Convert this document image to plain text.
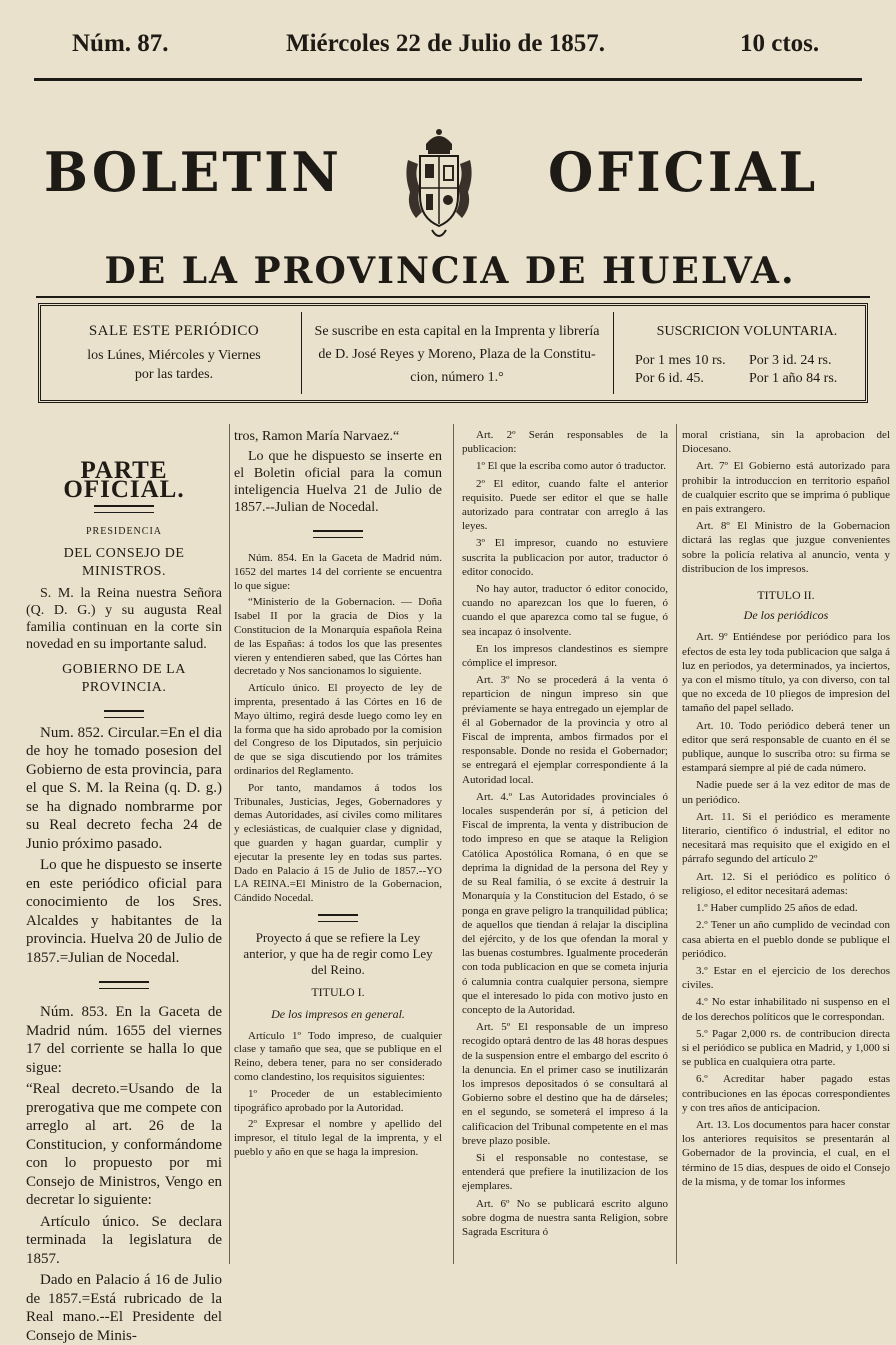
Núm. 87.	Miércoles 22 de Julio de 1857.	10 ctos.
BOLETIN	OFICIAL
DE LA PROVINCIA DE HUELVA.
SALE ESTE PERIÓDICO
los Lúnes, Miércoles y Viernes
por las tardes.
Se suscribe en esta capital en la Imprenta y librería
de D. José Reyes y Moreno, Plaza de la Constitu-
cion, número 1.°
SUSCRICION VOLUNTARIA.
Por 1 mes 10 rs. Por 3 id. 24 rs.
Por 6 id. 45.	Por 1 año 84 rs.

PARTE OFICIAL.

PRESIDENCIA

DEL CONSEJO DE MINISTROS.

S. M. la Reina nuestra Señora (Q. D. G.) y su augusta Real familia continuan en la corte sin novedad en su importante salud.

GOBIERNO DE LA PROVINCIA.

Num. 852. Circular.=En el dia de hoy he tomado posesion del Gobierno de esta provincia, para el que S. M. la Reina (q. D. g.) se ha dignado nombrarme por su Real decreto fecha 24 de Junio próximo pasado.

Lo que he dispuesto se inserte en este periódico oficial para conocimiento de los Sres. Alcaldes y habitantes de la provincia. Huelva 20 de Julio de 1857.=Julian de Nocedal.

Núm. 853. En la Gaceta de Madrid núm. 1655 del viernes 17 del corriente se halla lo que sigue:

“Real decreto.=Usando de la prerogativa que me compete con arreglo al art. 26 de la Constitucion, y conformándome con lo propuesto por mi Consejo de Ministros, Vengo en decretar lo siguiente:

Artículo único. Se declara terminada la legislatura de 1857.

Dado en Palacio á 16 de Julio de 1857.=Está rubricado de la Real mano.--El Presidente del Consejo de Minis-

tros, Ramon María Narvaez.“

Lo que he dispuesto se inserte en el Boletin oficial para la comun inteligencia Huelva 21 de Julio de 1857.--Julian de Nocedal.

Núm. 854. En la Gaceta de Madrid núm. 1652 del martes 14 del corriente se encuentra lo que sigue:

“Ministerio de la Gobernacion. — Doña Isabel II por la gracia de Dios y la Constitucion de la Monarquía española Reina de las Españas: á todos los que las presentes vieren y entendieren sabed, que las Córtes han decretado y Nos sancionamos lo siguiente.

Artículo único. El proyecto de ley de imprenta, presentado á las Córtes en 16 de Mayo último, regirá desde luego como ley en la forma que ha sido aprobado por la comision del Congreso de los Diputados, sin perjuicio de que se siga discutiendo por los trámites ordinarios del Reglamento.

Por tanto, mandamos á todos los Tribunales, Justicias, Jeges, Gobernadores y demas Autoridades, así civiles como militares y eclesiásticas, de cualquier clase y dignidad, que guarden y hagan guardar, cumplir y ejecutar la presente ley en todas sus partes. Dado en Palacio á 15 de Julio de 1857.--YO LA REINA.=El Ministro de la Gobernacion, Cándido Nocedal.

Proyecto á que se refiere la Ley anterior, y que ha de regir como Ley del Reino.

TITULO I.

De los impresos en general.

Artículo 1º Todo impreso, de cualquier clase y tamaño que sea, que se publique en el Reino, debera tener, para no ser considerado como clandestino, los requisitos siguientes:

1º Proceder de un establecimiento tipográfico aprobado por la Autoridad.

2º Expresar el nombre y apellido del impresor, el título legal de la imprenta, y el pueblo y año en que se haga la impresion.

Art. 2º Serán responsables de la publicacion:

1º El que la escriba como autor ó traductor.

2º El editor, cuando falte el anterior requisito. Puede ser editor el que se halle autorizado para contratar con arreglo á las leyes.

3º El impresor, cuando no estuviere suscrita la publicacion por autor, traductor ó editor conocido.

No hay autor, traductor ó editor conocido, cuando no aparezcan los que lo fueren, ó cuando el que aparezca como tal se fugue, ó sea incapaz ó insolvente.

En los impresos clandestinos es siempre cómplice el impresor.

Art. 3º No se procederá á la venta ó reparticion de ningun impreso sin que préviamente se haya entregado un ejemplar de él al Gobernador de la provincia y otro al Fiscal de imprenta, ambos firmados por el responsable. Donde no resida el Gobernador; se entregará el ejemplar correspondiente á la Autoridad local.

Art. 4.º Las Autoridades provinciales ó locales suspenderán por sí, á peticion del Fiscal de imprenta, la venta y distribucion de todo impreso en que se ataque la Religion Católica Apostólica Romana, ó en que se deprima la dignidad de la persona del Rey y de su Real familia, ó se excite á destruir la Monarquía y la Constitucion del Estado, ó se ponga en grave peligro la tranquilidad pública; de aquellos que tiendan á relajar la disciplina del ejército, y de los que ofendan la moral y las buenas costumbres. Igualmente procederán con toda publicacion en que se cometa injuria ó calumnia contra cualquier persona, siempre que el interesado lo pida con motivo justo en concepto de la Autoridad.

Art. 5º El responsable de un impreso recogido optará dentro de las 48 horas despues de la suspension entre el embargo del escrito ó la denuncia. En el primer caso se inutilizarán los impresos depositados ó se consultará al Gobierno sobre el destino que ha de dárseles; en el segundo, se someterá el impreso á la calificacion del Tribunal competente en el mas breve plazo posible.

Si el responsable no contestase, se entenderá que prefiere la inutilizacion de los ejemplares.

Art. 6º No se publicará escrito alguno sobre dogma de nuestra santa Religion, sobre Sagrada Escritura ó

moral cristiana, sin la aprobacion del Diocesano.

Art. 7º El Gobierno está autorizado para prohibir la introduccion en territorio español de cualquier escrito que se imprima ó publique en pais extrangero.

Art. 8º El Ministro de la Gobernacion dictará las reglas que juzgue convenientes sobre la policía relativa al anuncio, venta y distribucion de los impresos.

TITULO II.

De los periódicos

Art. 9º Entiéndese por periódico para los efectos de esta ley toda publicacion que salga á luz en periodos, ya determinados, ya inciertos, ya con el mismo título, ya con diverso, con tal que no exceda de 10 pliegos de impresion del tamaño del papel sellado.

Art. 10. Todo periódico deberá tener un editor que será responsable de cuanto en él se publique, aunque lo suscriba otro: su firma se estampará siempre al pié de cada número.

Nadie puede ser á la vez editor de mas de un periódico.

Art. 11. Si el periódico es meramente literario, científico ó industrial, el editor no necesitará mas requisito que el exigido en el párrafo segundo del artículo 2º

Art. 12. Si el periódico es político ó religioso, el editor necesitará ademas:

1.º Haber cumplido 25 años de edad.

2.º Tener un año cumplido de vecindad con casa abierta en el pueblo donde se publique el periódico.

3.º Estar en el ejercicio de los derechos civiles.

4.º No estar inhabilitado ni suspenso en el de los derechos políticos que le correspondan.

5.º Pagar 2,000 rs. de contribucion directa si el periódico se publica en Madrid, y 1,000 si se publica en cualquiera otra parte.

6.º Acreditar haber pagado estas contribuciones en las épocas correspondientes y con tres años de anticipacion.

Art. 13. Los documentos para hacer constar los anteriores requisitos se presentarán al Gobernador de la provincia, el cual, en el término de 15 dias, despues de oido el Consejo de la misma, y de tomar los informes
